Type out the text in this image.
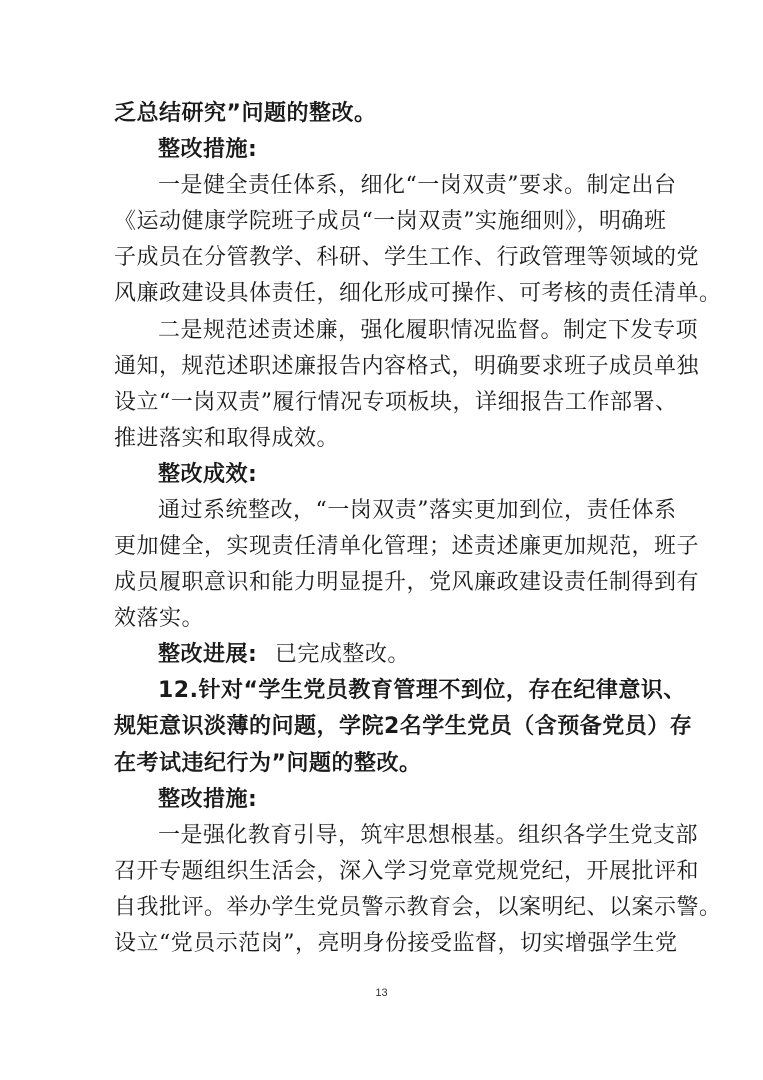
乏总结研究”问题的整改。
整改措施:
一是健全责任体系，细化“一岗双责”要求。制定出台
《运动健康学院班子成员“一岗双责”实施细则》，明确班
子成员在分管教学、科研、学生工作、行政管理等领域的党
风廉政建设具体责任，细化形成可操作、可考核的责任清单。
二是规范述责述廉，强化履职情况监督。制定下发专项
通知，规范述职述廉报告内容格式，明确要求班子成员单独
设立“一岗双责”履行情况专项板块，详细报告工作部署、
推进落实和取得成效。
整改成效:
通过系统整改，“一岗双责”落实更加到位，责任体系
更加健全，实现责任清单化管理；述责述廉更加规范，班子
成员履职意识和能力明显提升，党风廉政建设责任制得到有
效落实。
整改进展: 已完成整改。
12.针对“学生党员教育管理不到位，存在纪律意识、
规矩意识淡薄的问题，学院2名学生党员（含预备党员）存
在考试违纪行为”问题的整改。
整改措施:
一是强化教育引导，筑牢思想根基。组织各学生党支部
召开专题组织生活会，深入学习党章党规党纪，开展批评和
自我批评。举办学生党员警示教育会，以案明纪、以案示警。
设立“党员示范岗”，亮明身份接受监督，切实增强学生党
13
